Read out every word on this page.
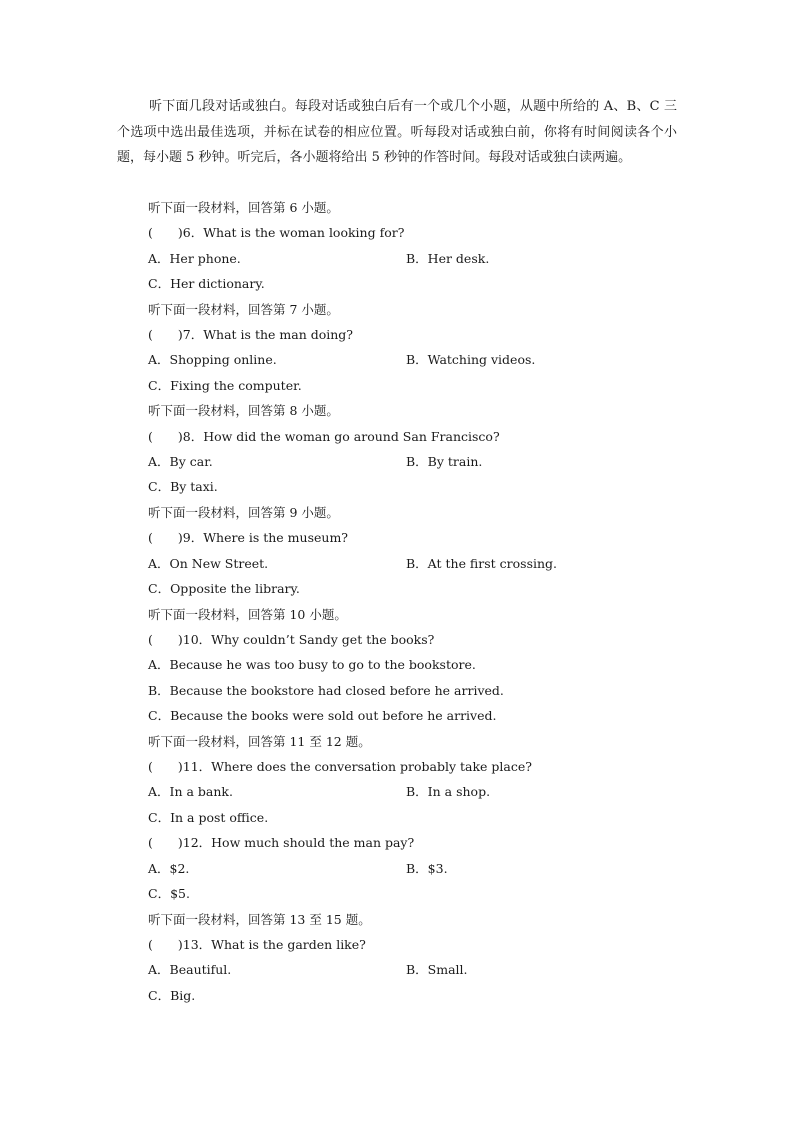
听下面几段对话或独白。每段对话或独白后有一个或几个小题，从题中所给的 A、B、C 三个选项中选出最佳选项，并标在试卷的相应位置。听每段对话或独白前，你将有时间阅读各个小题，每小题 5 秒钟。听完后，各小题将给出 5 秒钟的作答时间。每段对话或独白读两遍。

听下面一段材料，回答第 6 小题。
(　　)6．What is the woman looking for?
A．Her phone.	B．Her desk.
C．Her dictionary.
听下面一段材料，回答第 7 小题。
(　　)7．What is the man doing?
A．Shopping online.	B．Watching videos.
C．Fixing the computer.
听下面一段材料，回答第 8 小题。
(　　)8．How did the woman go around San Francisco?
A．By car.	B．By train.
C．By taxi.
听下面一段材料，回答第 9 小题。
(　　)9．Where is the museum?
A．On New Street.	B．At the first crossing.
C．Opposite the library.
听下面一段材料，回答第 10 小题。
(　　)10．Why couldn’t Sandy get the books?
A．Because he was too busy to go to the bookstore.
B．Because the bookstore had closed before he arrived.
C．Because the books were sold out before he arrived.
听下面一段材料，回答第 11 至 12 题。
(　　)11．Where does the conversation probably take place?
A．In a bank.	B．In a shop.
C．In a post office.
(　　)12．How much should the man pay?
A．$2.	B．$3.
C．$5.
听下面一段材料，回答第 13 至 15 题。
(　　)13．What is the garden like?
A．Beautiful.	B．Small.
C．Big.
